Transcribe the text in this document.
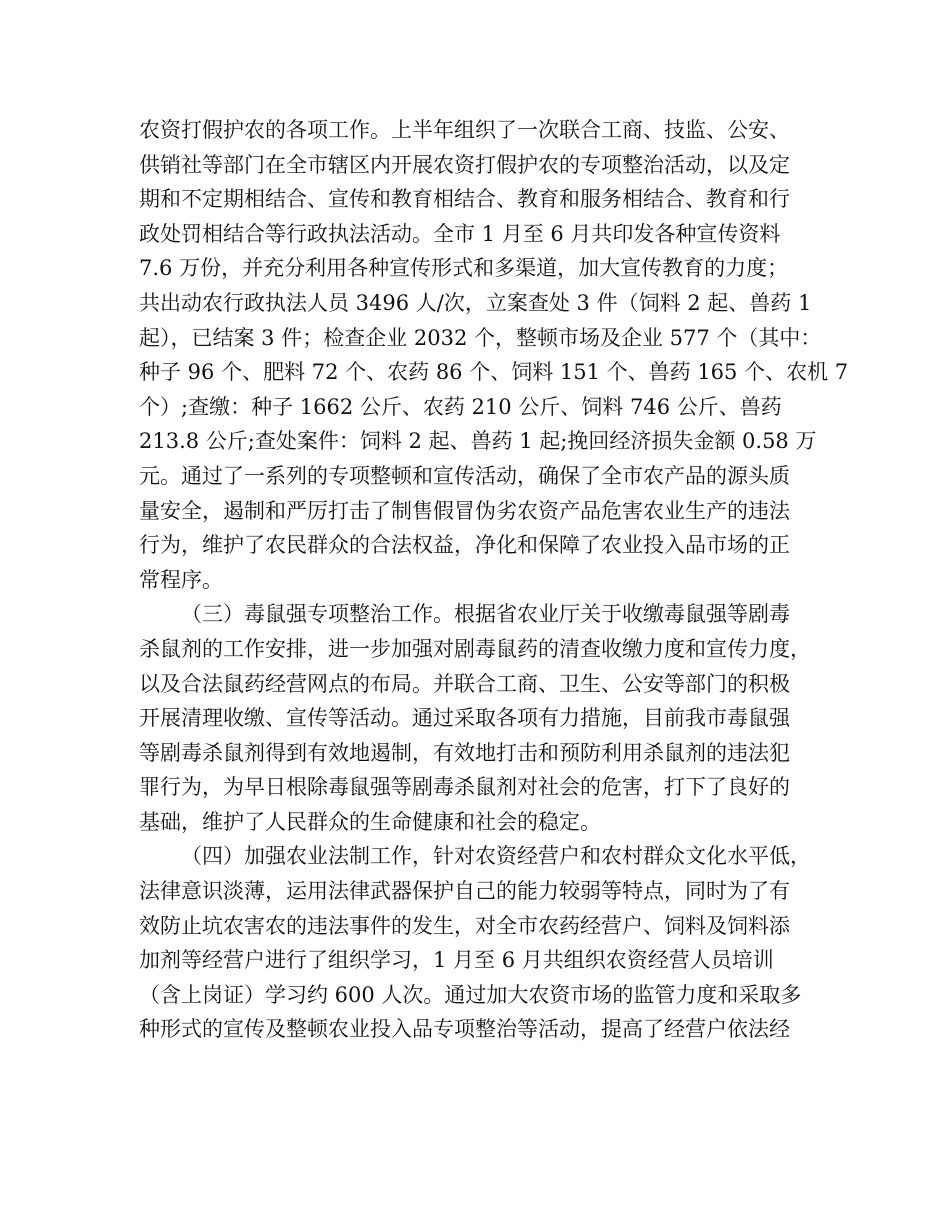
农资打假护农的各项工作。上半年组织了一次联合工商、技监、公安、
供销社等部门在全市辖区内开展农资打假护农的专项整治活动，以及定
期和不定期相结合、宣传和教育相结合、教育和服务相结合、教育和行
政处罚相结合等行政执法活动。全市 1 月至 6 月共印发各种宣传资料
7.6 万份，并充分利用各种宣传形式和多渠道，加大宣传教育的力度；
共出动农行政执法人员 3496 人/次，立案查处 3 件（饲料 2 起、兽药 1
起），已结案 3 件；检查企业 2032 个，整顿市场及企业 577 个（其中：
种子 96 个、肥料 72 个、农药 86 个、饲料 151 个、兽药 165 个、农机 7
个）;查缴：种子 1662 公斤、农药 210 公斤、饲料 746 公斤、兽药
213.8 公斤;查处案件：饲料 2 起、兽药 1 起;挽回经济损失金额 0.58 万
元。通过了一系列的专项整顿和宣传活动，确保了全市农产品的源头质
量安全，遏制和严厉打击了制售假冒伪劣农资产品危害农业生产的违法
行为，维护了农民群众的合法权益，净化和保障了农业投入品市场的正
常程序。
（三）毒鼠强专项整治工作。根据省农业厅关于收缴毒鼠强等剧毒
杀鼠剂的工作安排，进一步加强对剧毒鼠药的清查收缴力度和宣传力度，
以及合法鼠药经营网点的布局。并联合工商、卫生、公安等部门的积极
开展清理收缴、宣传等活动。通过采取各项有力措施，目前我市毒鼠强
等剧毒杀鼠剂得到有效地遏制，有效地打击和预防利用杀鼠剂的违法犯
罪行为，为早日根除毒鼠强等剧毒杀鼠剂对社会的危害，打下了良好的
基础，维护了人民群众的生命健康和社会的稳定。
（四）加强农业法制工作，针对农资经营户和农村群众文化水平低，
法律意识淡薄，运用法律武器保护自己的能力较弱等特点，同时为了有
效防止坑农害农的违法事件的发生，对全市农药经营户、饲料及饲料添
加剂等经营户进行了组织学习，1 月至 6 月共组织农资经营人员培训
（含上岗证）学习约 600 人次。通过加大农资市场的监管力度和采取多
种形式的宣传及整顿农业投入品专项整治等活动，提高了经营户依法经
